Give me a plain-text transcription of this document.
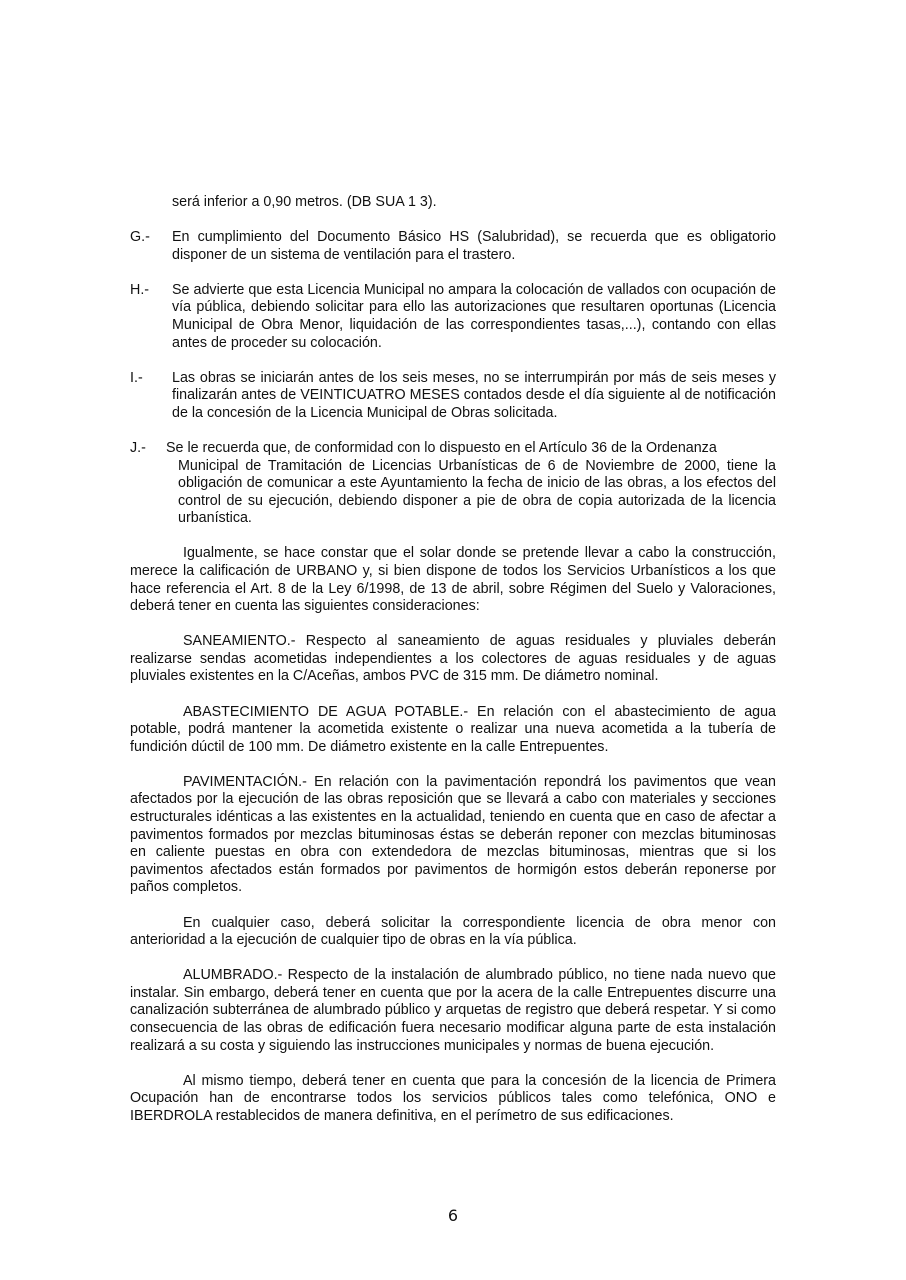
será inferior a 0,90 metros. (DB SUA 1 3).

G.- En cumplimiento del Documento Básico HS (Salubridad), se recuerda que es obligatorio disponer de un sistema de ventilación para el trastero.
H.- Se advierte que esta Licencia Municipal no ampara la colocación de vallados con ocupación de vía pública, debiendo solicitar para ello las autorizaciones que resultaren oportunas (Licencia Municipal de Obra Menor, liquidación de las correspondientes tasas,...), contando con ellas antes de proceder su colocación.
I.- Las obras se iniciarán antes de los seis meses, no se interrumpirán por más de seis meses y finalizarán antes de VEINTICUATRO MESES contados desde el día siguiente al de notificación de la concesión de la Licencia Municipal de Obras solicitada.
J.- Se le recuerda que, de conformidad con lo dispuesto en el Artículo 36 de la Ordenanza
Municipal de Tramitación de Licencias Urbanísticas de 6 de Noviembre de 2000, tiene la obligación de comunicar a este Ayuntamiento la fecha de inicio de las obras, a los efectos del control de su ejecución, debiendo disponer a pie de obra de copia autorizada de la licencia urbanística.

Igualmente, se hace constar que el solar donde se pretende llevar a cabo la construcción, merece la calificación de URBANO y, si bien dispone de todos los Servicios Urbanísticos a los que hace referencia el Art. 8 de la Ley 6/1998, de 13 de abril, sobre Régimen del Suelo y Valoraciones, deberá tener en cuenta las siguientes consideraciones:

SANEAMIENTO.- Respecto al saneamiento de aguas residuales y pluviales deberán realizarse sendas acometidas independientes a los colectores de aguas residuales y de aguas pluviales existentes en la C/Aceñas, ambos PVC de 315 mm. De diámetro nominal.

ABASTECIMIENTO DE AGUA POTABLE.- En relación con el abastecimiento de agua potable, podrá mantener la acometida existente o realizar una nueva acometida a la tubería de fundición dúctil de 100 mm. De diámetro existente en la calle Entrepuentes.

PAVIMENTACIÓN.- En relación con la pavimentación repondrá los pavimentos que vean afectados por la ejecución de las obras reposición que se llevará a cabo con materiales y secciones estructurales idénticas a las existentes en la actualidad, teniendo en cuenta que en caso de afectar a pavimentos formados por mezclas bituminosas éstas se deberán reponer con mezclas bituminosas en caliente puestas en obra con extendedora de mezclas bituminosas, mientras que si los pavimentos afectados están formados por pavimentos de hormigón estos deberán reponerse por paños completos.

En cualquier caso, deberá solicitar la correspondiente licencia de obra menor con anterioridad a la ejecución de cualquier tipo de obras en la vía pública.

ALUMBRADO.- Respecto de la instalación de alumbrado público, no tiene nada nuevo que instalar. Sin embargo, deberá tener en cuenta que por la acera de la calle Entrepuentes discurre una canalización subterránea de alumbrado público y arquetas de registro que deberá respetar. Y si como consecuencia de las obras de edificación fuera necesario modificar alguna parte de esta instalación realizará a su costa y siguiendo las instrucciones municipales y normas de buena ejecución.

Al mismo tiempo, deberá tener en cuenta que para la concesión de la licencia de Primera Ocupación han de encontrarse todos los servicios públicos tales como telefónica, ONO e IBERDROLA restablecidos de manera definitiva, en el perímetro de sus edificaciones.

6
